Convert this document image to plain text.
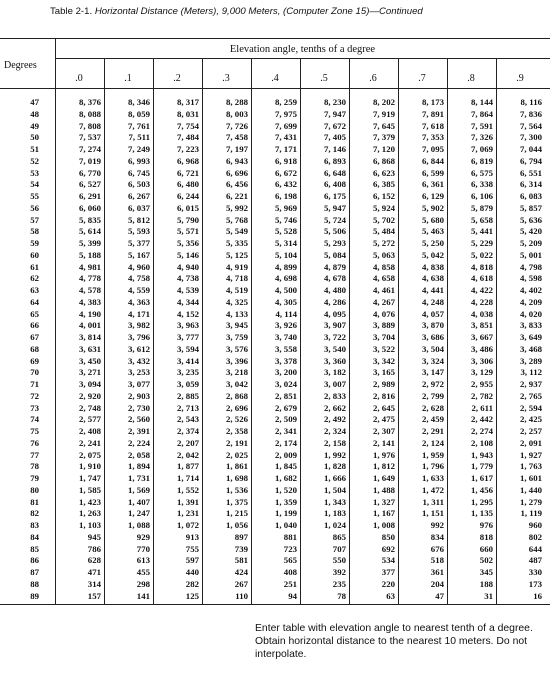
Table 2-1. Horizontal Distance (Meters), 9,000 Meters, (Computer Zone 15)—Continued
Elevation angle, tenths of a degree
Degrees
.0	.1	.2	.3	.4	.5	.6	.7	.8	.9
47	8, 376	8, 346	8, 317	8, 288	8, 259	8, 230	8, 202	8, 173	8, 144	8, 116
48	8, 088	8, 059	8, 031	8, 003	7, 975	7, 947	7, 919	7, 891	7, 864	7, 836
49	7, 808	7, 761	7, 754	7, 726	7, 699	7, 672	7, 645	7, 618	7, 591	7, 564
50	7, 537	7, 511	7, 484	7, 458	7, 431	7, 405	7, 379	7, 353	7, 326	7, 300
51	7, 274	7, 249	7, 223	7, 197	7, 171	7, 146	7, 120	7, 095	7, 069	7, 044
52	7, 019	6, 993	6, 968	6, 943	6, 918	6, 893	6, 868	6, 844	6, 819	6, 794
53	6, 770	6, 745	6, 721	6, 696	6, 672	6, 648	6, 623	6, 599	6, 575	6, 551
54	6, 527	6, 503	6, 480	6, 456	6, 432	6, 408	6, 385	6, 361	6, 338	6, 314
55	6, 291	6, 267	6, 244	6, 221	6, 198	6, 175	6, 152	6, 129	6, 106	6, 083
56	6, 060	6, 037	6, 015	5, 992	5, 969	5, 947	5, 924	5, 902	5, 879	5, 857
57	5, 835	5, 812	5, 790	5, 768	5, 746	5, 724	5, 702	5, 680	5, 658	5, 636
58	5, 614	5, 593	5, 571	5, 549	5, 528	5, 506	5, 484	5, 463	5, 441	5, 420
59	5, 399	5, 377	5, 356	5, 335	5, 314	5, 293	5, 272	5, 250	5, 229	5, 209
60	5, 188	5, 167	5, 146	5, 125	5, 104	5, 084	5, 063	5, 042	5, 022	5, 001
61	4, 981	4, 960	4, 940	4, 919	4, 899	4, 879	4, 858	4, 838	4, 818	4, 798
62	4, 778	4, 758	4, 738	4, 718	4, 698	4, 678	4, 658	4, 638	4, 618	4, 598
63	4, 578	4, 559	4, 539	4, 519	4, 500	4, 480	4, 461	4, 441	4, 422	4, 402
64	4, 383	4, 363	4, 344	4, 325	4, 305	4, 286	4, 267	4, 248	4, 228	4, 209
65	4, 190	4, 171	4, 152	4, 133	4, 114	4, 095	4, 076	4, 057	4, 038	4, 020
66	4, 001	3, 982	3, 963	3, 945	3, 926	3, 907	3, 889	3, 870	3, 851	3, 833
67	3, 814	3, 796	3, 777	3, 759	3, 740	3, 722	3, 704	3, 686	3, 667	3, 649
68	3, 631	3, 612	3, 594	3, 576	3, 558	3, 540	3, 522	3, 504	3, 486	3, 468
69	3, 450	3, 432	3, 414	3, 396	3, 378	3, 360	3, 342	3, 324	3, 306	3, 289
70	3, 271	3, 253	3, 235	3, 218	3, 200	3, 182	3, 165	3, 147	3, 129	3, 112
71	3, 094	3, 077	3, 059	3, 042	3, 024	3, 007	2, 989	2, 972	2, 955	2, 937
72	2, 920	2, 903	2, 885	2, 868	2, 851	2, 833	2, 816	2, 799	2, 782	2, 765
73	2, 748	2, 730	2, 713	2, 696	2, 679	2, 662	2, 645	2, 628	2, 611	2, 594
74	2, 577	2, 560	2, 543	2, 526	2, 509	2, 492	2, 475	2, 459	2, 442	2, 425
75	2, 408	2, 391	2, 374	2, 358	2, 341	2, 324	2, 307	2, 291	2, 274	2, 257
76	2, 241	2, 224	2, 207	2, 191	2, 174	2, 158	2, 141	2, 124	2, 108	2, 091
77	2, 075	2, 058	2, 042	2, 025	2, 009	1, 992	1, 976	1, 959	1, 943	1, 927
78	1, 910	1, 894	1, 877	1, 861	1, 845	1, 828	1, 812	1, 796	1, 779	1, 763
79	1, 747	1, 731	1, 714	1, 698	1, 682	1, 666	1, 649	1, 633	1, 617	1, 601
80	1, 585	1, 569	1, 552	1, 536	1, 520	1, 504	1, 488	1, 472	1, 456	1, 440
81	1, 423	1, 407	1, 391	1, 375	1, 359	1, 343	1, 327	1, 311	1, 295	1, 279
82	1, 263	1, 247	1, 231	1, 215	1, 199	1, 183	1, 167	1, 151	1, 135	1, 119
83	1, 103	1, 088	1, 072	1, 056	1, 040	1, 024	1, 008	992	976	960
84	945	929	913	897	881	865	850	834	818	802
85	786	770	755	739	723	707	692	676	660	644
86	628	613	597	581	565	550	534	518	502	487
87	471	455	440	424	408	392	377	361	345	330
88	314	298	282	267	251	235	220	204	188	173
89	157	141	125	110	94	78	63	47	31	16
Enter table with elevation angle to nearest tenth of a degree. Obtain horizontal distance to the nearest 10 meters. Do not interpolate.
